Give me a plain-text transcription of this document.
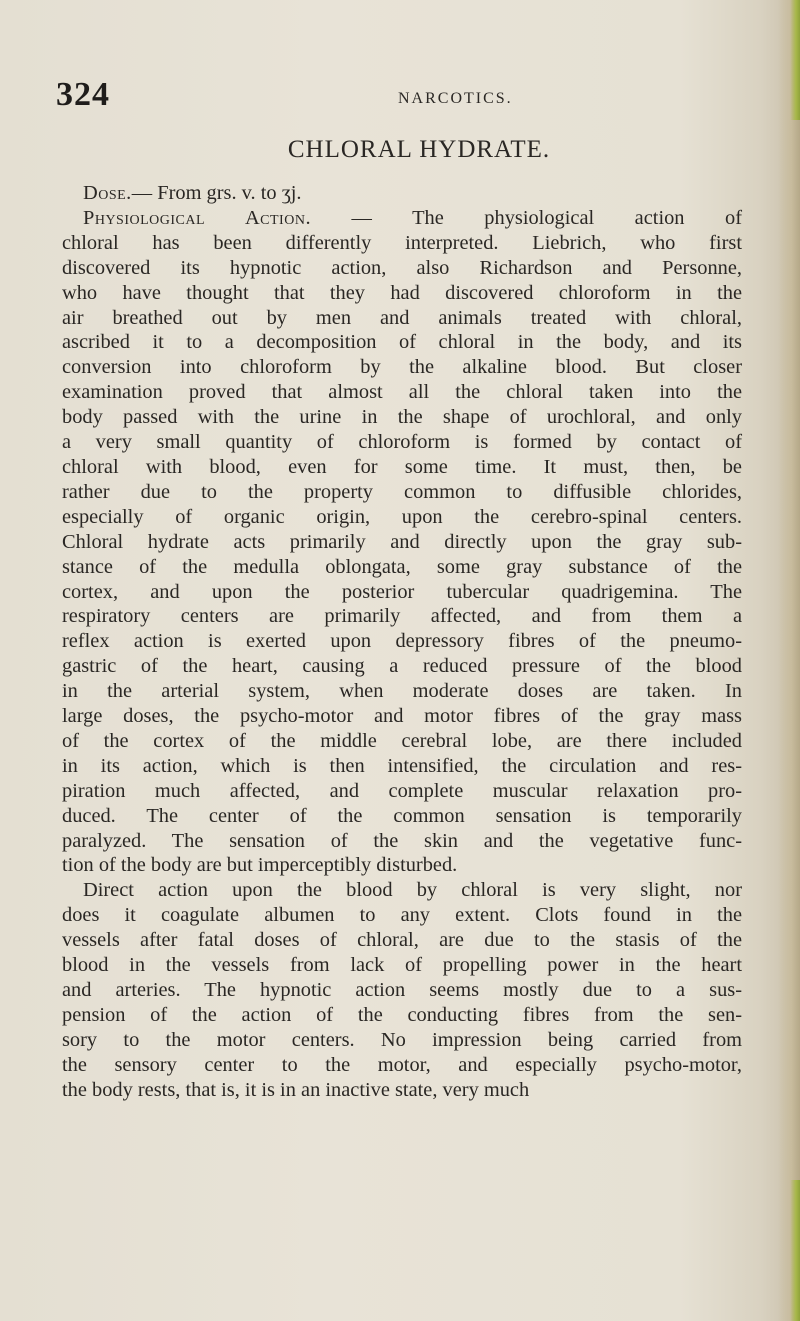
324	NARCOTICS.
CHLORAL HYDRATE.
Dose.— From grs. v. to ʒj.
Physiological Action. — The physiological action of
chloral has been differently interpreted. Liebrich, who first
discovered its hypnotic action, also Richardson and Personne,
who have thought that they had discovered chloroform in the
air breathed out by men and animals treated with chloral,
ascribed it to a decomposition of chloral in the body, and its
conversion into chloroform by the alkaline blood. But closer
examination proved that almost all the chloral taken into the
body passed with the urine in the shape of urochloral, and only
a very small quantity of chloroform is formed by contact of
chloral with blood, even for some time. It must, then, be
rather due to the property common to diffusible chlorides,
especially of organic origin, upon the cerebro-spinal centers.
Chloral hydrate acts primarily and directly upon the gray sub-
stance of the medulla oblongata, some gray substance of the
cortex, and upon the posterior tubercular quadrigemina. The
respiratory centers are primarily affected, and from them a
reflex action is exerted upon depressory fibres of the pneumo-
gastric of the heart, causing a reduced pressure of the blood
in the arterial system, when moderate doses are taken. In
large doses, the psycho-motor and motor fibres of the gray mass
of the cortex of the middle cerebral lobe, are there included
in its action, which is then intensified, the circulation and res-
piration much affected, and complete muscular relaxation pro-
duced. The center of the common sensation is temporarily
paralyzed. The sensation of the skin and the vegetative func-
tion of the body are but imperceptibly disturbed.
Direct action upon the blood by chloral is very slight, nor
does it coagulate albumen to any extent. Clots found in the
vessels after fatal doses of chloral, are due to the stasis of the
blood in the vessels from lack of propelling power in the heart
and arteries. The hypnotic action seems mostly due to a sus-
pension of the action of the conducting fibres from the sen-
sory to the motor centers. No impression being carried from
the sensory center to the motor, and especially psycho-motor,
the body rests, that is, it is in an inactive state, very much
